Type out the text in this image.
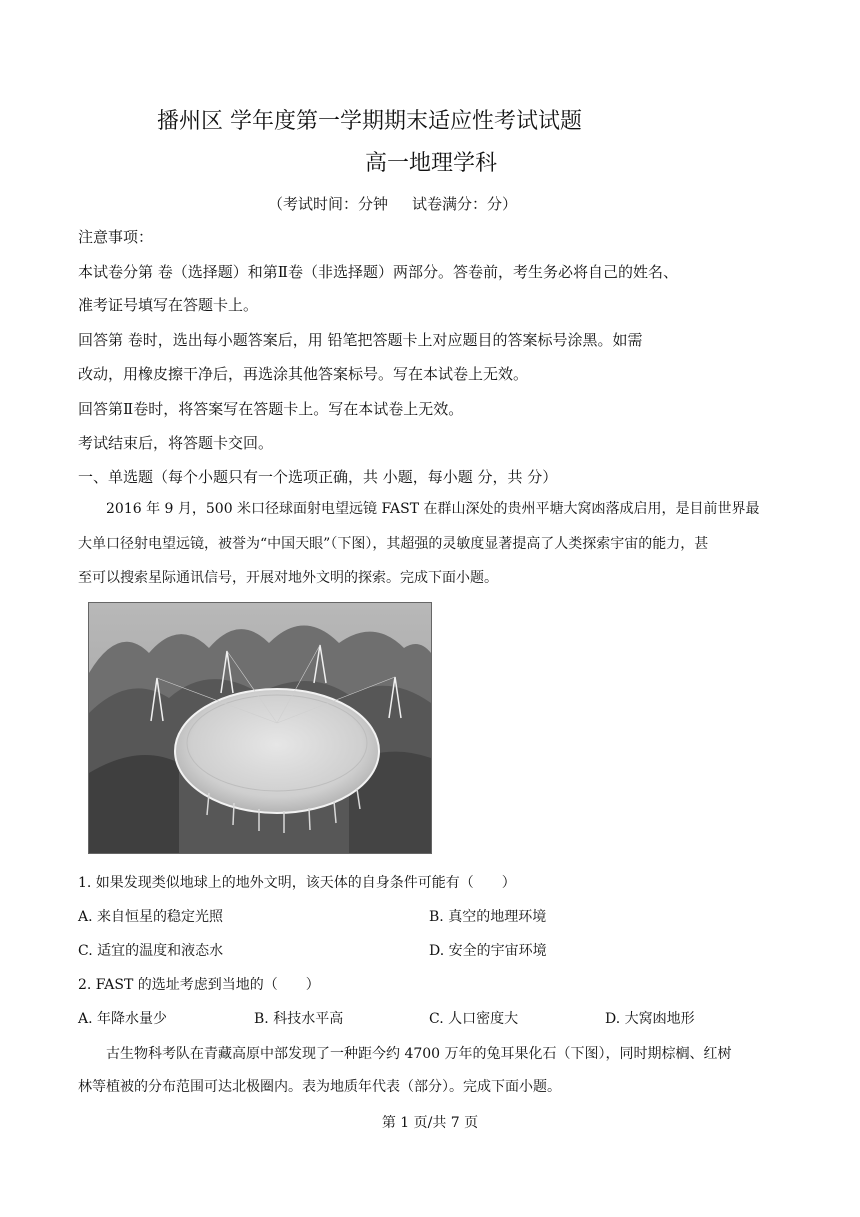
播州区 学年度第一学期期末适应性考试试题
高一地理学科
（考试时间：分钟 试卷满分：分）
注意事项：
本试卷分第 卷（选择题）和第Ⅱ卷（非选择题）两部分。答卷前，考生务必将自己的姓名、
准考证号填写在答题卡上。
回答第 卷时，选出每小题答案后，用 铅笔把答题卡上对应题目的答案标号涂黑。如需
改动，用橡皮擦干净后，再选涂其他答案标号。写在本试卷上无效。
回答第Ⅱ卷时，将答案写在答题卡上。写在本试卷上无效。
考试结束后，将答题卡交回。
一、单选题（每个小题只有一个选项正确，共 小题，每小题 分，共 分）
2016 年 9 月，500 米口径球面射电望远镜 FAST 在群山深处的贵州平塘大窝凼落成启用，是目前世界最
大单口径射电望远镜，被誉为“中国天眼”（下图），其超强的灵敏度显著提高了人类探索宇宙的能力，甚
至可以搜索星际通讯信号，开展对地外文明的探索。完成下面小题。
1. 如果发现类似地球上的地外文明，该天体的自身条件可能有（　　）
A. 来自恒星的稳定光照	B. 真空的地理环境
C. 适宜的温度和液态水	D. 安全的宇宙环境
2. FAST 的选址考虑到当地的（　　）
A. 年降水量少	B. 科技水平高	C. 人口密度大	D. 大窝凼地形
古生物科考队在青藏高原中部发现了一种距今约 4700 万年的兔耳果化石（下图），同时期棕榈、红树
林等植被的分布范围可达北极圈内。表为地质年代表（部分）。完成下面小题。
第 1 页/共 7 页
